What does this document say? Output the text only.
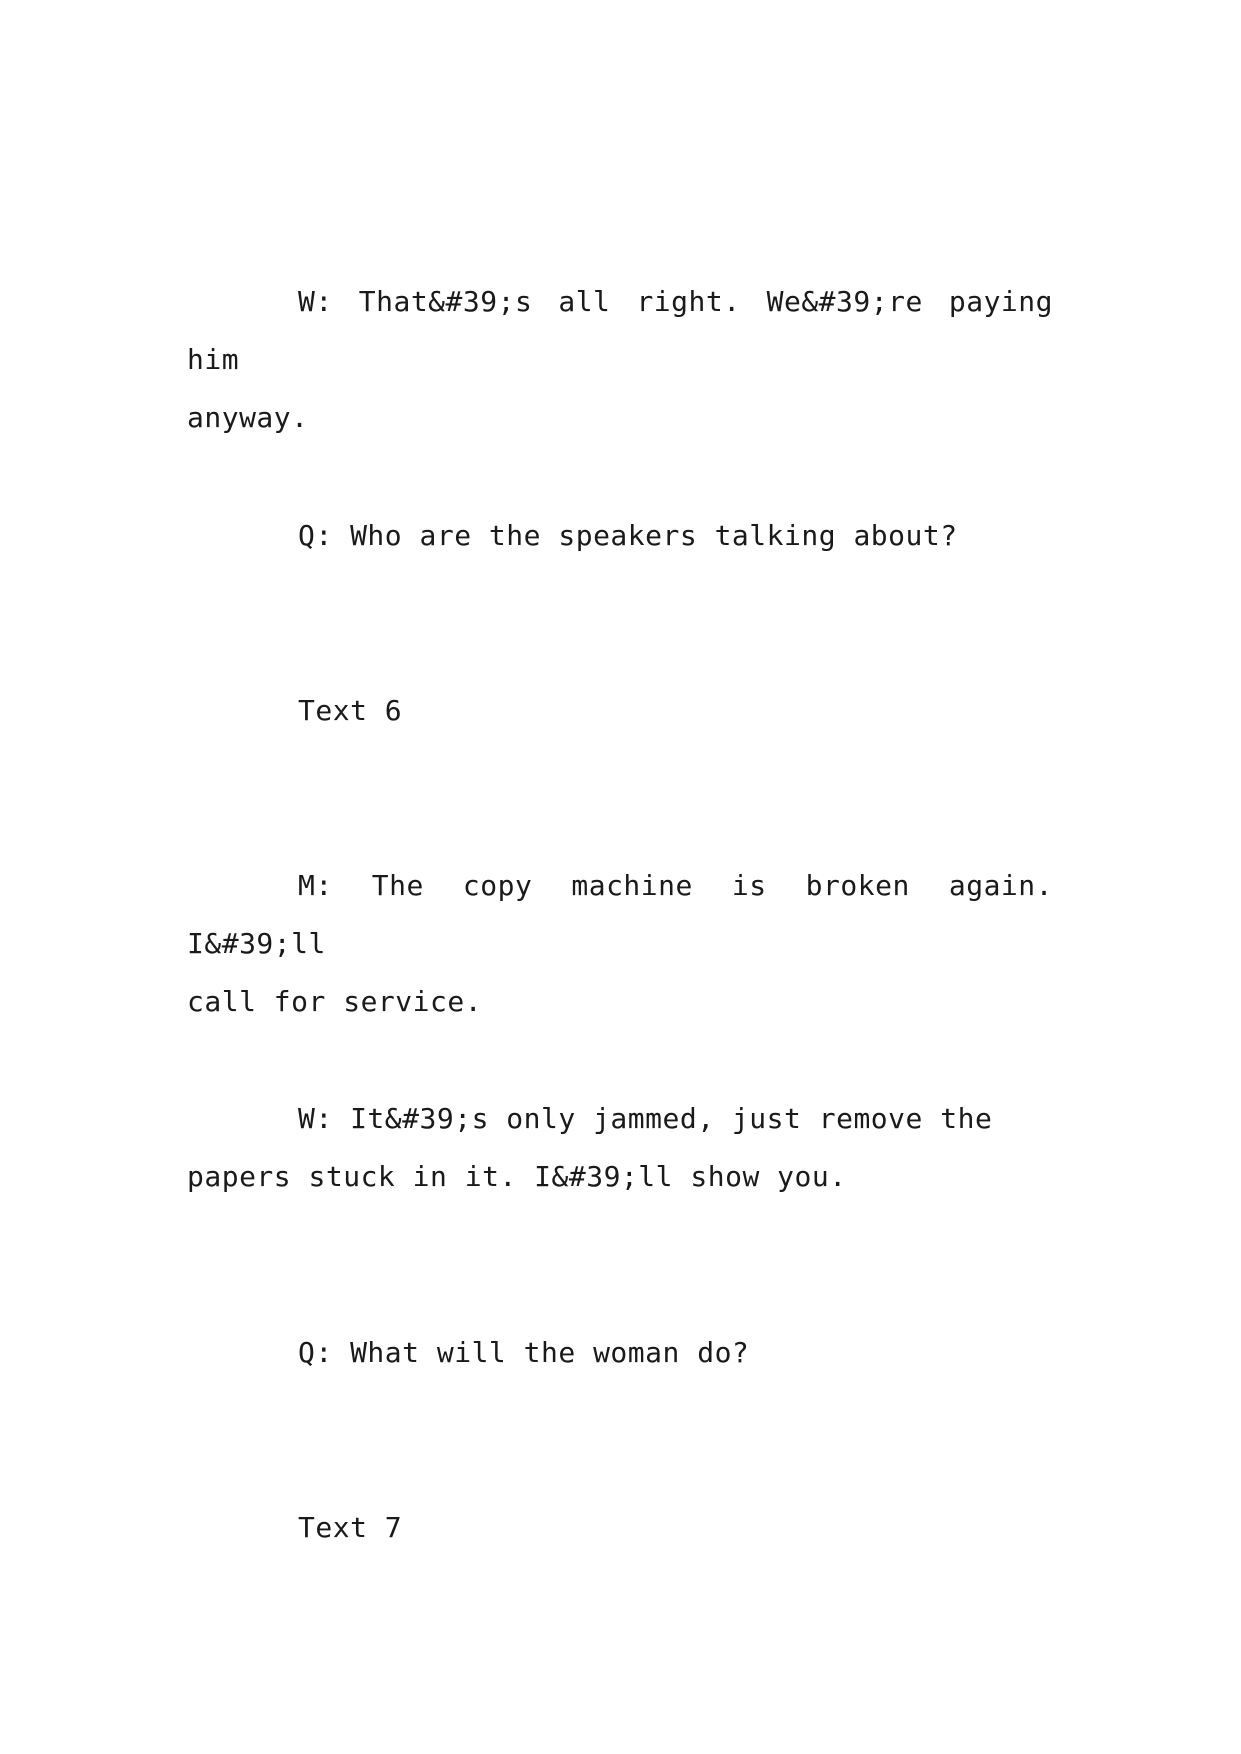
W: That&#39;s all right. We&#39;re paying him
anyway.

Q: Who are the speakers talking about?

Text 6

M: The copy machine is broken again. I&#39;ll
call for service.

W: It&#39;s only jammed, just remove the
papers stuck in it. I&#39;ll show you.

Q: What will the woman do?

Text 7
